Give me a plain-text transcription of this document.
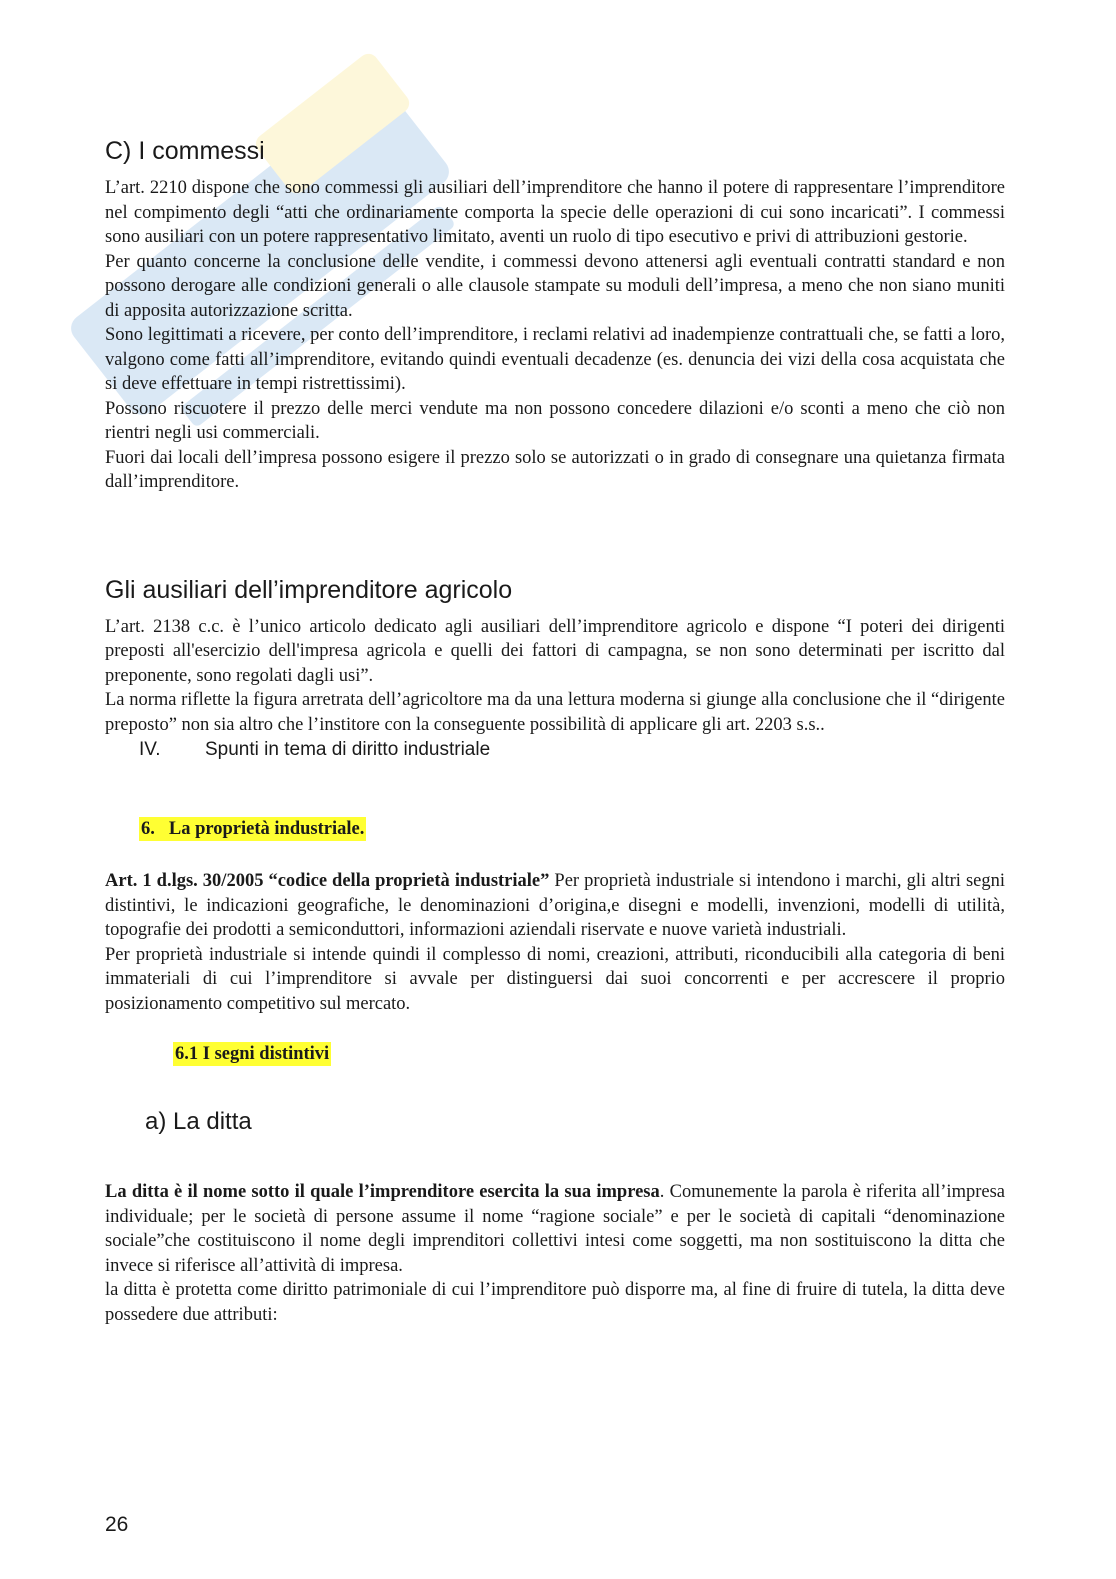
C) I commessi

L’art. 2210 dispone che sono commessi gli ausiliari dell’imprenditore che hanno il potere di rappresentare l’imprenditore nel compimento degli “atti che ordinariamente comporta la specie delle operazioni di cui sono incaricati”. I commessi sono ausiliari con un potere rappresentativo limitato, aventi un ruolo di tipo esecutivo e privi di attribuzioni gestorie.

Per quanto concerne la conclusione delle vendite, i commessi devono attenersi agli eventuali contratti standard e non possono derogare alle condizioni generali o alle clausole stampate su moduli dell’impresa, a meno che non siano muniti di apposita autorizzazione scritta.

Sono legittimati a ricevere, per conto dell’imprenditore, i reclami relativi ad inadempienze contrattuali che, se fatti a loro, valgono come fatti all’imprenditore, evitando quindi eventuali decadenze (es. denuncia dei vizi della cosa acquistata che si deve effettuare in tempi ristrettissimi).

Possono riscuotere il prezzo delle merci vendute ma non possono concedere dilazioni e/o sconti a meno che ciò non rientri negli usi commerciali.

Fuori dai locali dell’impresa possono esigere il prezzo solo se autorizzati o in grado di consegnare una quietanza firmata dall’imprenditore.

Gli ausiliari dell’imprenditore agricolo

L’art. 2138 c.c. è l’unico articolo dedicato agli ausiliari dell’imprenditore agricolo e dispone “I poteri dei dirigenti preposti all'esercizio dell'impresa agricola e quelli dei fattori di campagna, se non sono determinati per iscritto dal preponente, sono regolati dagli usi”.

La norma riflette la figura arretrata dell’agricoltore ma da una lettura moderna si giunge alla conclusione che il “dirigente preposto” non sia altro che l’institore con la conseguente possibilità di applicare gli art. 2203 s.s..

IV.	Spunti in tema di diritto industriale
6. La proprietà industriale.

Art. 1 d.lgs. 30/2005 “codice della proprietà industriale” Per proprietà industriale si intendono i marchi, gli altri segni distintivi, le indicazioni geografiche, le denominazioni d’origina,e disegni e modelli, invenzioni, modelli di utilità, topografie dei prodotti a semiconduttori, informazioni aziendali riservate e nuove varietà industriali.

Per proprietà industriale si intende quindi il complesso di nomi, creazioni, attributi, riconducibili alla categoria di beni immateriali di cui l’imprenditore si avvale per distinguersi dai suoi concorrenti e per accrescere il proprio posizionamento competitivo sul mercato.

6.1 I segni distintivi
a) La ditta

La ditta è il nome sotto il quale l’imprenditore esercita la sua impresa. Comunemente la parola è riferita all’impresa individuale; per le società di persone assume il nome “ragione sociale” e per le società di capitali “denominazione sociale”che costituiscono il nome degli imprenditori collettivi intesi come soggetti, ma non sostituiscono la ditta che invece si riferisce all’attività di impresa.

la ditta è protetta come diritto patrimoniale di cui l’imprenditore può disporre ma, al fine di fruire di tutela, la ditta deve possedere due attributi:

26
